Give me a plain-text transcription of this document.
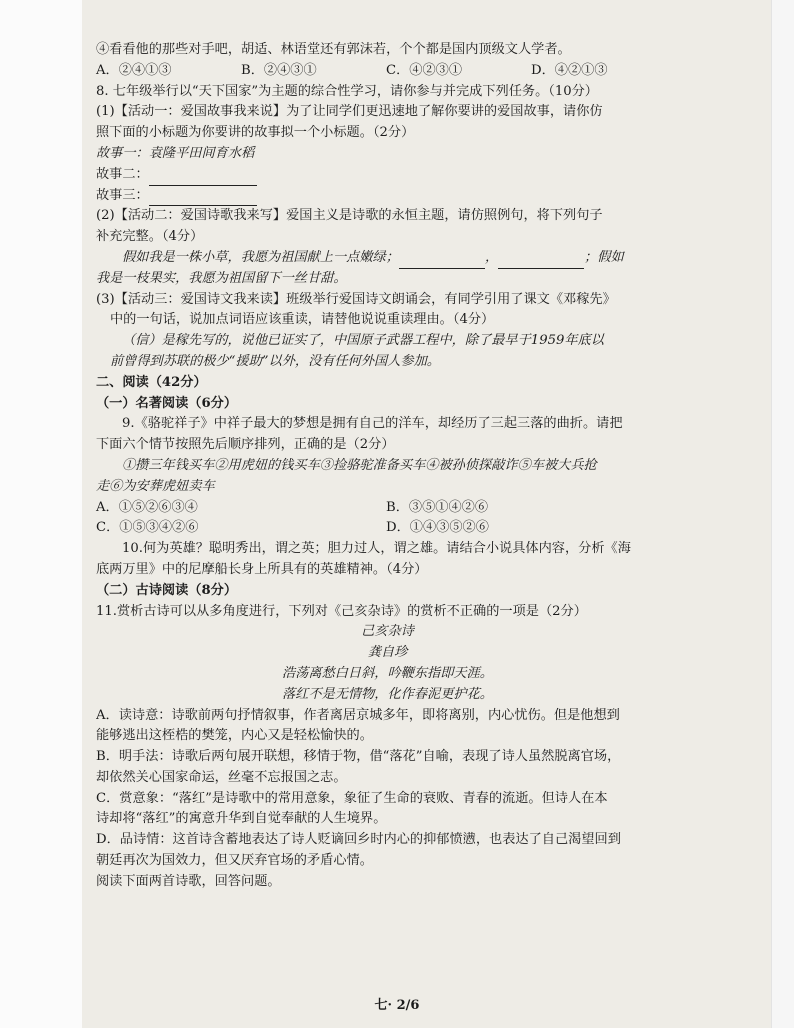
④看看他的那些对手吧，胡适、林语堂还有郭沫若，个个都是国内顶级文人学者。
A．②④①③	B．②④③①	C．④②③①	D．④②①③
8. 七年级举行以“天下国家”为主题的综合性学习，请你参与并完成下列任务。（10分）
(1)【活动一：爱国故事我来说】为了让同学们更迅速地了解你要讲的爱国故事，请你仿
照下面的小标题为你要讲的故事拟一个小标题。（2分）
故事一：袁隆平田间育水稻
故事二：
故事三：
(2)【活动二：爱国诗歌我来写】爱国主义是诗歌的永恒主题，请仿照例句，将下列句子
补充完整。（4分）
假如我是一株小草，我愿为祖国献上一点嫩绿；	，	；假如
我是一枝果实，我愿为祖国留下一丝甘甜。
(3)【活动三：爱国诗文我来读】班级举行爱国诗文朗诵会，有同学引用了课文《邓稼先》
中的一句话，说加点词语应该重读，请替他说说重读理由。（4分）
（信）是稼先写的，说他已证实了，中国原子武器工程中，除了最早于1959年底以
前曾得到苏联的极少“援助”以外，没有任何外国人参加。
二、阅读（42分）
（一）名著阅读（6分）
9.《骆驼祥子》中祥子最大的梦想是拥有自己的洋车，却经历了三起三落的曲折。请把
下面六个情节按照先后顺序排列，正确的是（2分）
①攒三年钱买车②用虎妞的钱买车③捡骆驼准备买车④被孙侦探敲诈⑤车被大兵抢
走⑥为安葬虎妞卖车
A．①⑤②⑥③④	B．③⑤①④②⑥
C．①⑤③④②⑥	D．①④③⑤②⑥
10.何为英雄？聪明秀出，谓之英；胆力过人，谓之雄。请结合小说具体内容，分析《海
底两万里》中的尼摩船长身上所具有的英雄精神。（4分）
（二）古诗阅读（8分）
11.赏析古诗可以从多角度进行，下列对《己亥杂诗》的赏析不正确的一项是（2分）
己亥杂诗
龚自珍
浩荡离愁白日斜，吟鞭东指即天涯。
落红不是无情物，化作春泥更护花。
A．读诗意：诗歌前两句抒情叙事，作者离居京城多年，即将离别，内心忧伤。但是他想到
能够逃出这桎梏的樊笼，内心又是轻松愉快的。
B．明手法：诗歌后两句展开联想，移情于物，借“落花”自喻，表现了诗人虽然脱离官场，
却依然关心国家命运，丝毫不忘报国之志。
C．赏意象：“落红”是诗歌中的常用意象，象征了生命的衰败、青春的流逝。但诗人在本
诗却将“落红”的寓意升华到自觉奉献的人生境界。
D．品诗情：这首诗含蓄地表达了诗人贬谪回乡时内心的抑郁愤懑，也表达了自己渴望回到
朝廷再次为国效力，但又厌弃官场的矛盾心情。
阅读下面两首诗歌，回答问题。
七· 2/6
